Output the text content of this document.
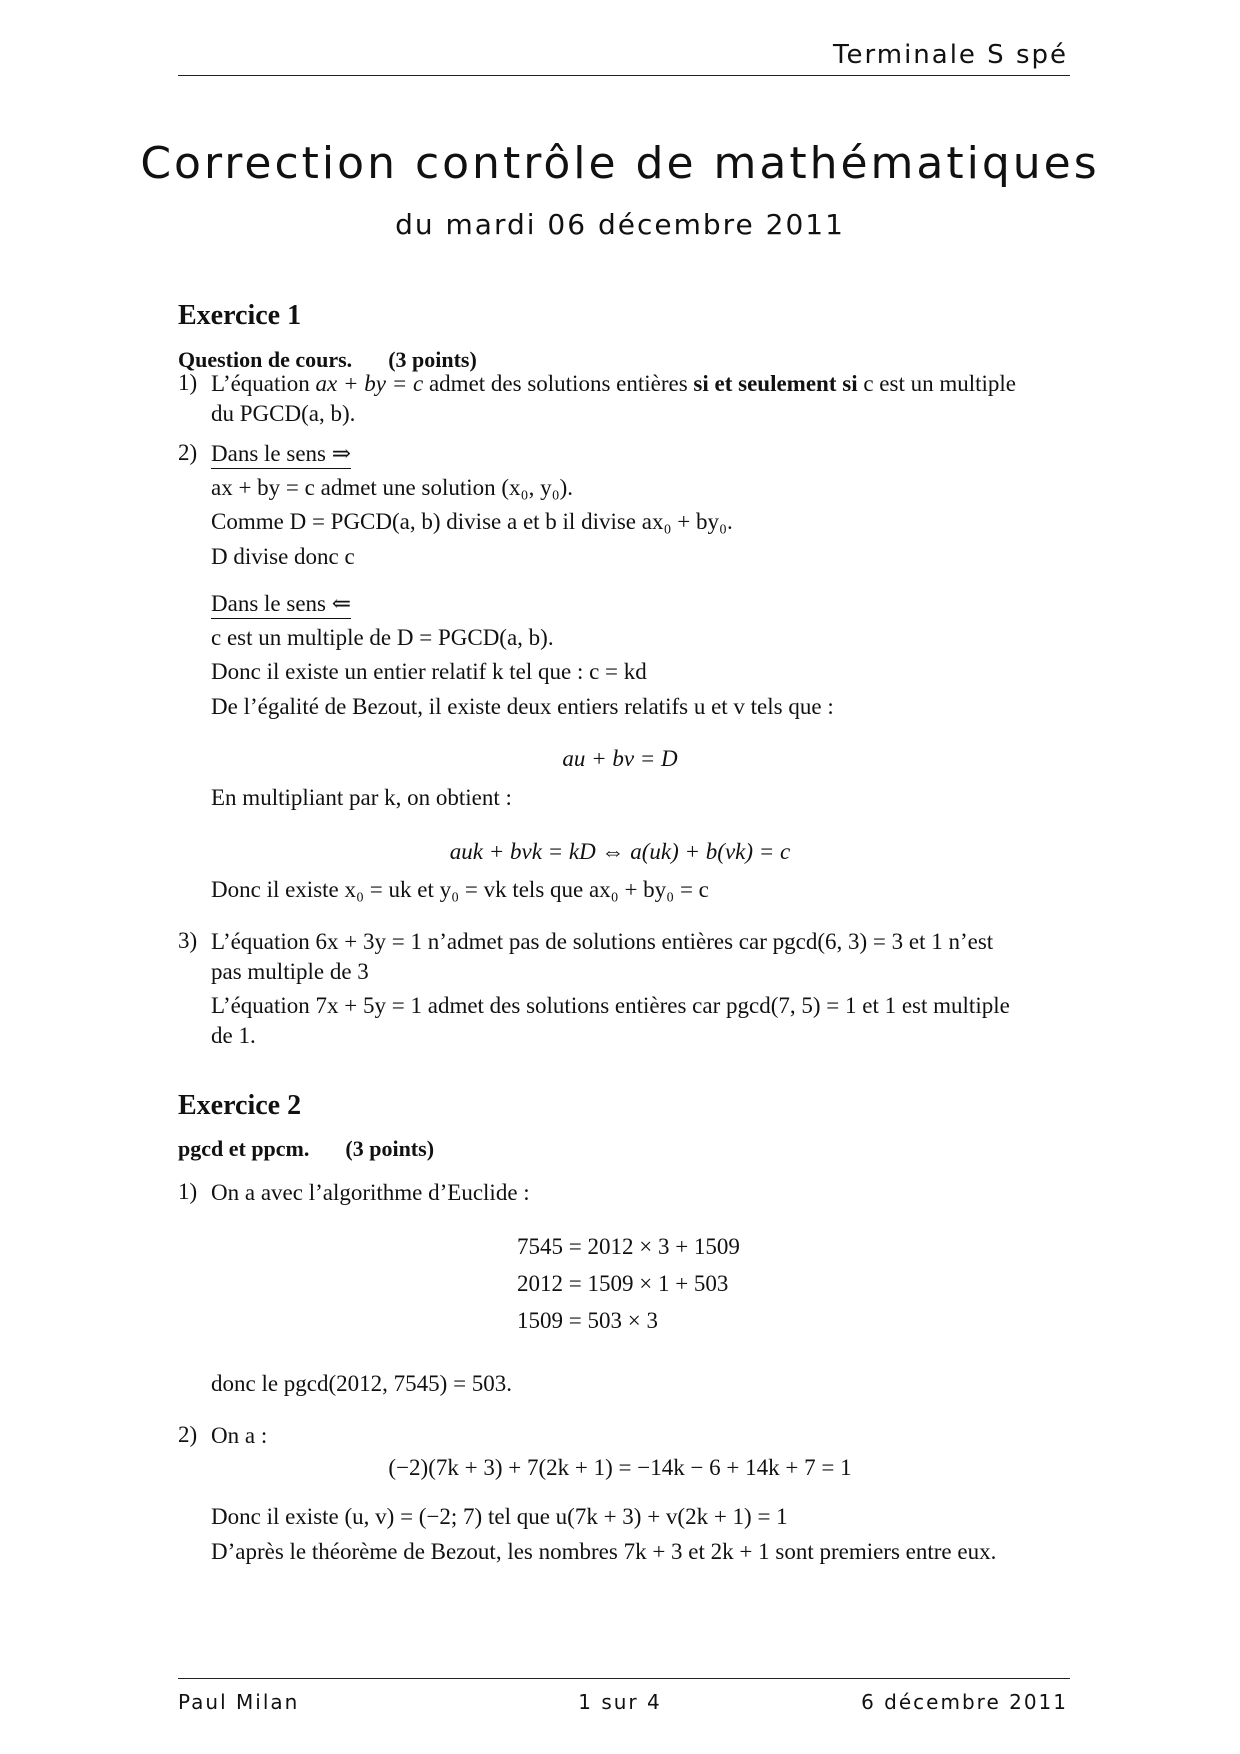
Terminale S spé
Correction contrôle de mathématiques
du mardi 06 décembre 2011
Exercice 1
Question de cours. (3 points)
1) L’équation ax + by = c admet des solutions entières si et seulement si c est un multiple
du PGCD(a, b).
2) Dans le sens ⇒
ax + by = c admet une solution (x₀, y₀).
Comme D = PGCD(a, b) divise a et b il divise ax₀ + by₀.
D divise donc c
Dans le sens ⇐
c est un multiple de D = PGCD(a, b).
Donc il existe un entier relatif k tel que : c = kd
De l’égalité de Bezout, il existe deux entiers relatifs u et v tels que :
au + bv = D
En multipliant par k, on obtient :
auk + bvk = kD ⇔ a(uk) + b(vk) = c
Donc il existe x₀ = uk et y₀ = vk tels que ax₀ + by₀ = c
3) L’équation 6x + 3y = 1 n’admet pas de solutions entières car pgcd(6, 3) = 3 et 1 n’est
pas multiple de 3
L’équation 7x + 5y = 1 admet des solutions entières car pgcd(7, 5) = 1 et 1 est multiple
de 1.
Exercice 2
pgcd et ppcm. (3 points)
1) On a avec l’algorithme d’Euclide :
7545 = 2012 × 3 + 1509
2012 = 1509 × 1 + 503
1509 = 503 × 3
donc le pgcd(2012, 7545) = 503.
2) On a :
(−2)(7k + 3) + 7(2k + 1) = −14k − 6 + 14k + 7 = 1
Donc il existe (u, v) = (−2; 7) tel que u(7k + 3) + v(2k + 1) = 1
D’après le théorème de Bezout, les nombres 7k + 3 et 2k + 1 sont premiers entre eux.
Paul Milan	1 sur 4	6 décembre 2011
